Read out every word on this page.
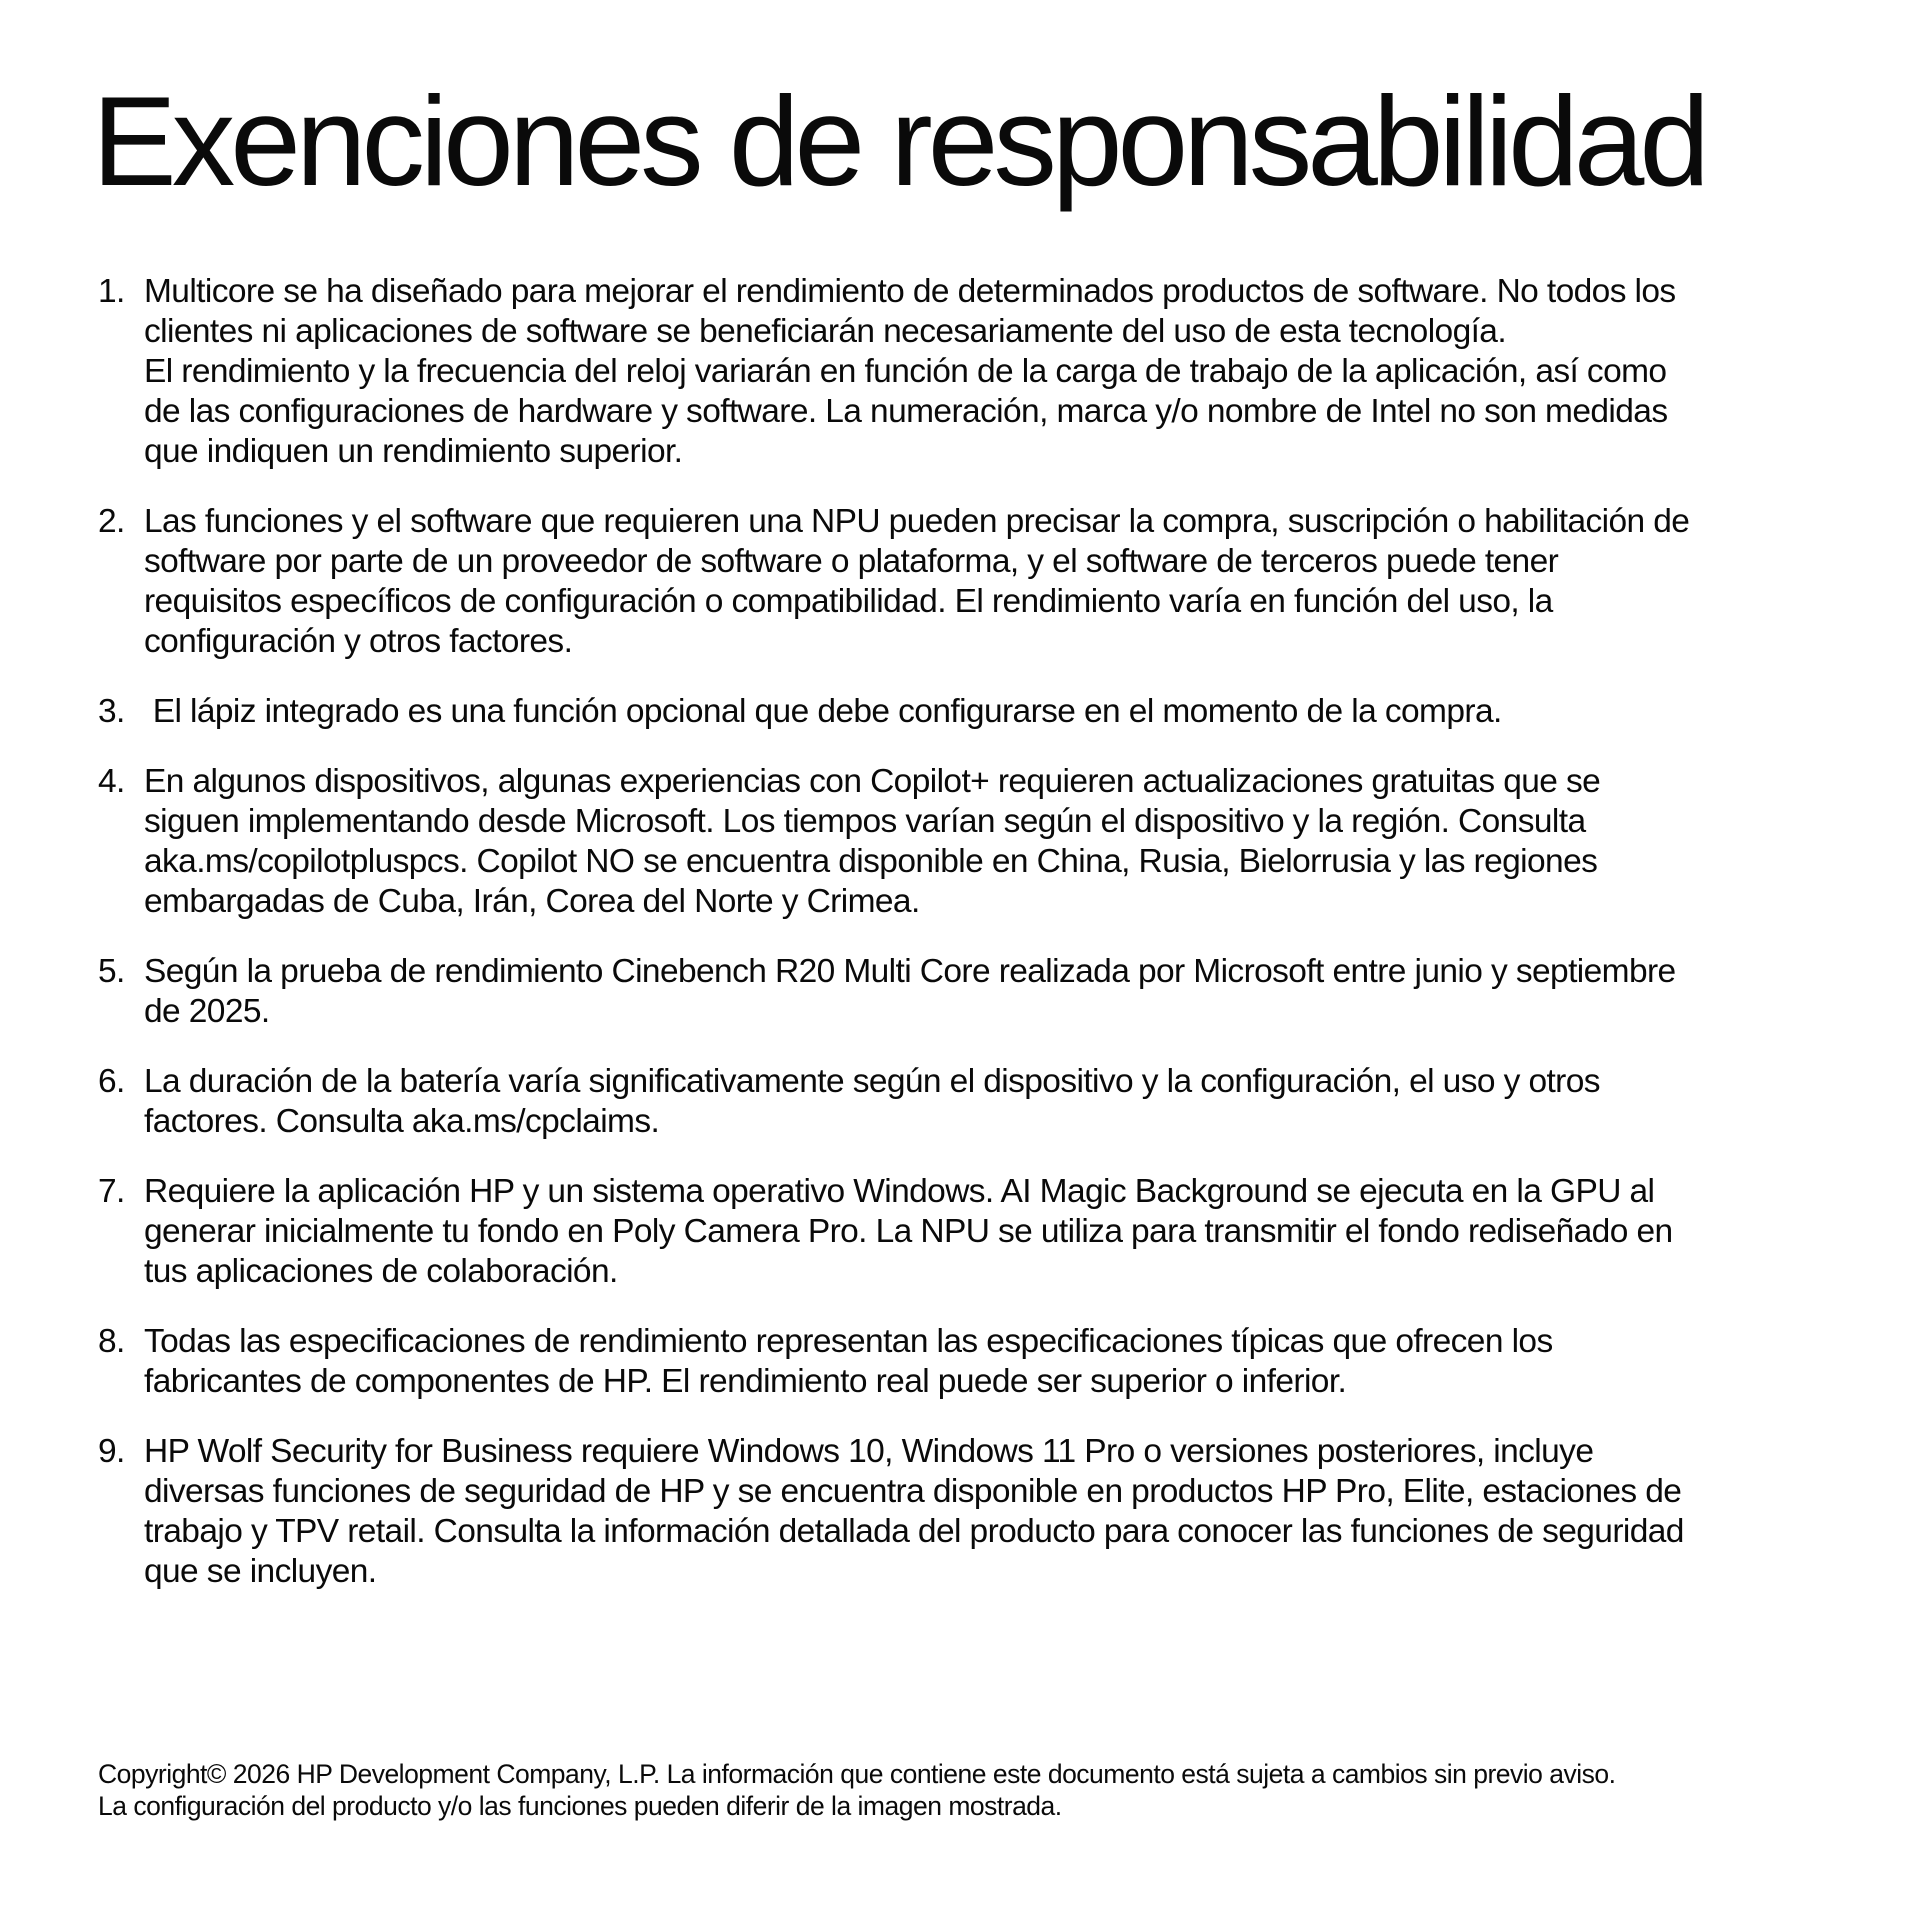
Exenciones de responsabilidad
1. Multicore se ha diseñado para mejorar el rendimiento de determinados productos de software. No todos los
clientes ni aplicaciones de software se beneficiarán necesariamente del uso de esta tecnología.
El rendimiento y la frecuencia del reloj variarán en función de la carga de trabajo de la aplicación, así como
de las configuraciones de hardware y software. La numeración, marca y/o nombre de Intel no son medidas
que indiquen un rendimiento superior.
2. Las funciones y el software que requieren una NPU pueden precisar la compra, suscripción o habilitación de
software por parte de un proveedor de software o plataforma, y el software de terceros puede tener
requisitos específicos de configuración o compatibilidad. El rendimiento varía en función del uso, la
configuración y otros factores.
3. El lápiz integrado es una función opcional que debe configurarse en el momento de la compra.
4. En algunos dispositivos, algunas experiencias con Copilot+ requieren actualizaciones gratuitas que se
siguen implementando desde Microsoft. Los tiempos varían según el dispositivo y la región. Consulta
aka.ms/copilotpluspcs. Copilot NO se encuentra disponible en China, Rusia, Bielorrusia y las regiones
embargadas de Cuba, Irán, Corea del Norte y Crimea.
5. Según la prueba de rendimiento Cinebench R20 Multi Core realizada por Microsoft entre junio y septiembre
de 2025.
6. La duración de la batería varía significativamente según el dispositivo y la configuración, el uso y otros
factores. Consulta aka.ms/cpclaims.
7. Requiere la aplicación HP y un sistema operativo Windows. AI Magic Background se ejecuta en la GPU al
generar inicialmente tu fondo en Poly Camera Pro. La NPU se utiliza para transmitir el fondo rediseñado en
tus aplicaciones de colaboración.
8. Todas las especificaciones de rendimiento representan las especificaciones típicas que ofrecen los
fabricantes de componentes de HP. El rendimiento real puede ser superior o inferior.
9. HP Wolf Security for Business requiere Windows 10, Windows 11 Pro o versiones posteriores, incluye
diversas funciones de seguridad de HP y se encuentra disponible en productos HP Pro, Elite, estaciones de
trabajo y TPV retail. Consulta la información detallada del producto para conocer las funciones de seguridad
que se incluyen.
Copyright© 2026 HP Development Company, L.P. La información que contiene este documento está sujeta a cambios sin previo aviso.
La configuración del producto y/o las funciones pueden diferir de la imagen mostrada.
